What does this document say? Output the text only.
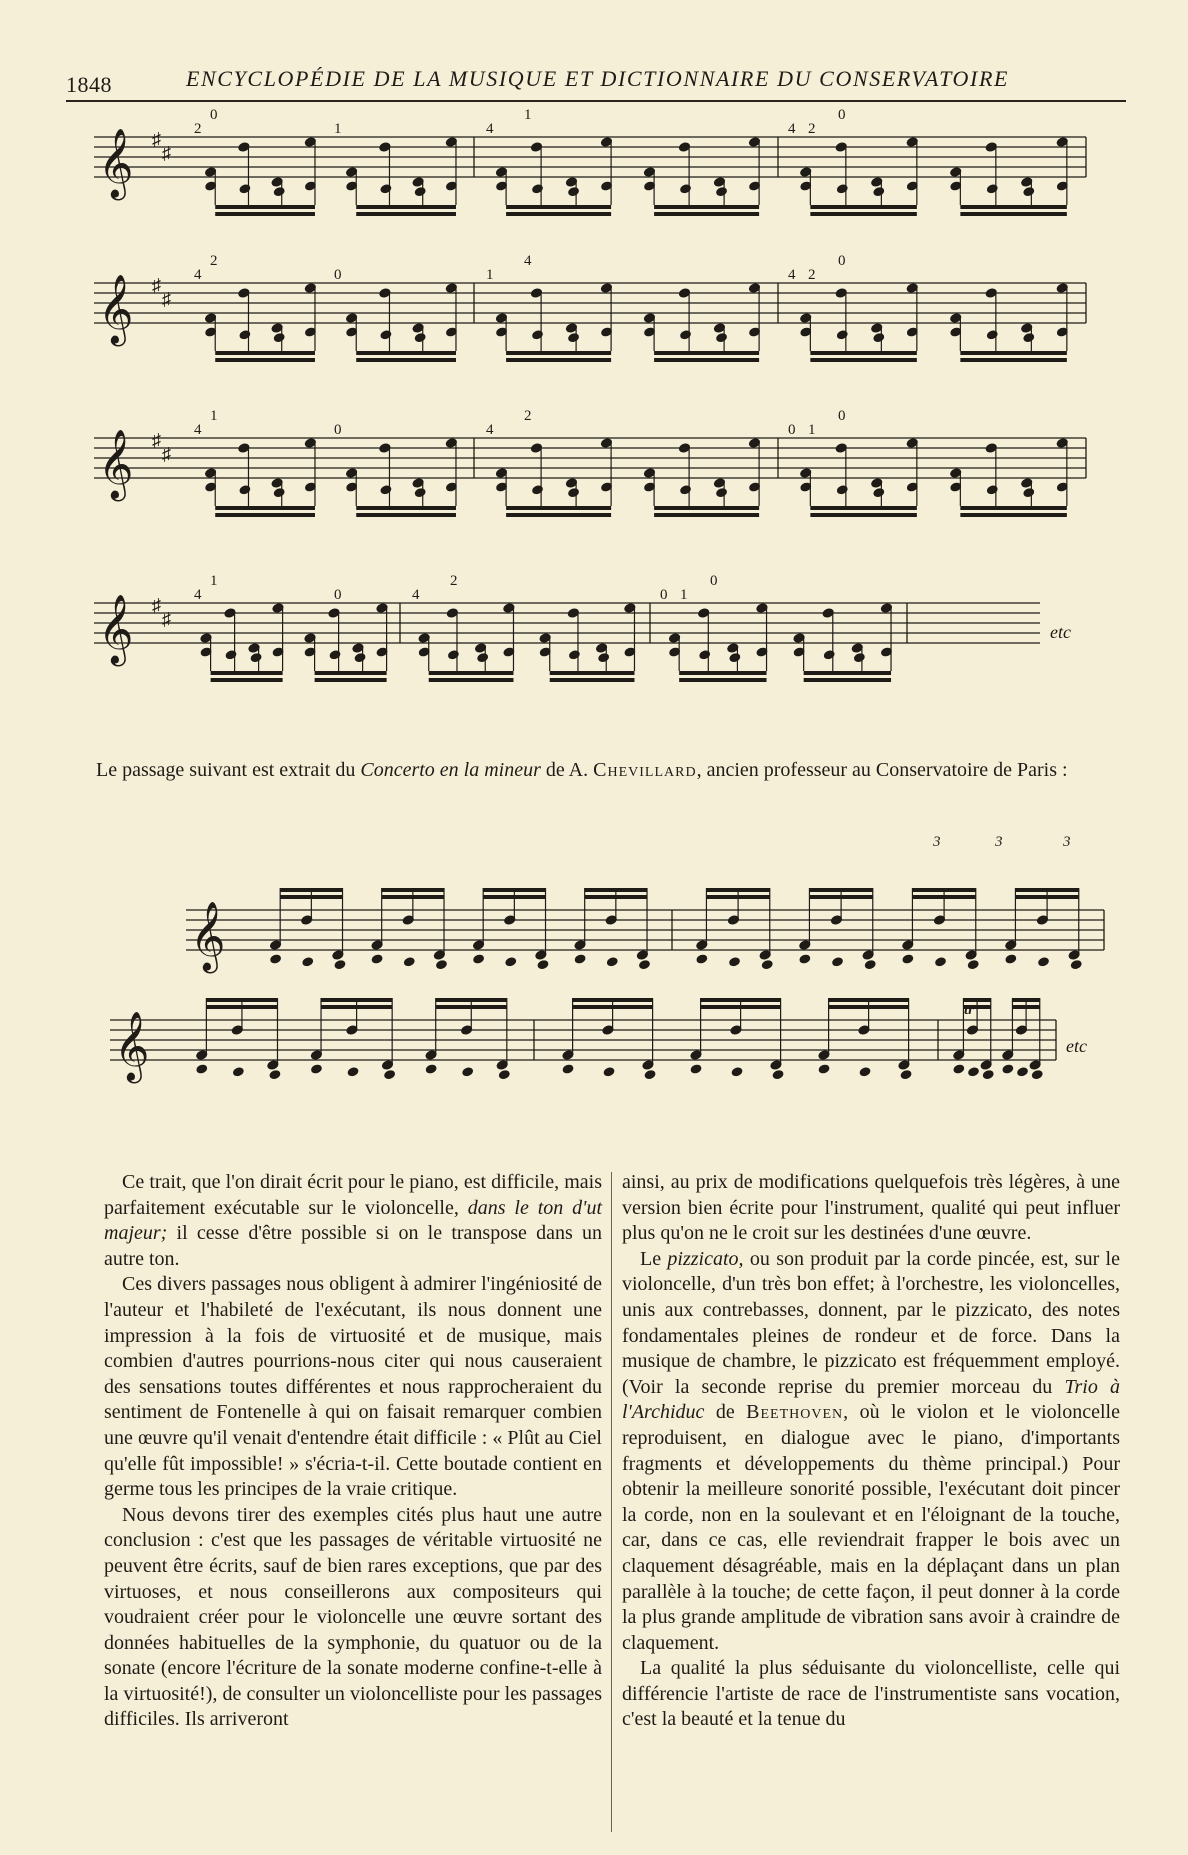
1848	ENCYCLOPÉDIE DE LA MUSIQUE ET DICTIONNAIRE DU CONSERVATOIRE
𝄞 ♯
♯
𝄞 ♯
♯
𝄞 ♯
♯
𝄞 ♯
♯
𝄞
𝄞
2
0
1	4
1
4 2
0
4
2
0	1
4
4 2
0
4
1
0	4
2
0 1
0
4
1
0	4
2
0 1
0
3	3	3
tr
etc
etc
Le passage suivant est extrait du Concerto en la mineur de A. Chevillard, ancien professeur au Conservatoire de Paris :

Ce trait, que l'on dirait écrit pour le piano, est difficile, mais parfaitement exécutable sur le violoncelle, dans le ton d'ut majeur; il cesse d'être possible si on le transpose dans un autre ton.

Ces divers passages nous obligent à admirer l'ingéniosité de l'auteur et l'habileté de l'exécutant, ils nous donnent une impression à la fois de virtuosité et de musique, mais combien d'autres pourrions-nous citer qui nous causeraient des sensations toutes différentes et nous rapprocheraient du sentiment de Fontenelle à qui on faisait remarquer combien une œuvre qu'il venait d'entendre était difficile : « Plût au Ciel qu'elle fût impossible! » s'écria-t-il. Cette boutade contient en germe tous les principes de la vraie critique.

Nous devons tirer des exemples cités plus haut une autre conclusion : c'est que les passages de véritable virtuosité ne peuvent être écrits, sauf de bien rares exceptions, que par des virtuoses, et nous conseillerons aux compositeurs qui voudraient créer pour le violoncelle une œuvre sortant des données habituelles de la symphonie, du quatuor ou de la sonate (encore l'écriture de la sonate moderne confine-t-elle à la virtuosité!), de consulter un violoncelliste pour les passages difficiles. Ils arriveront

ainsi, au prix de modifications quelquefois très légères, à une version bien écrite pour l'instrument, qualité qui peut influer plus qu'on ne le croit sur les destinées d'une œuvre.

Le pizzicato, ou son produit par la corde pincée, est, sur le violoncelle, d'un très bon effet; à l'orchestre, les violoncelles, unis aux contrebasses, donnent, par le pizzicato, des notes fondamentales pleines de rondeur et de force. Dans la musique de chambre, le pizzicato est fréquemment employé. (Voir la seconde reprise du premier morceau du Trio à l'Archiduc de Beethoven, où le violon et le violoncelle reproduisent, en dialogue avec le piano, d'importants fragments et développements du thème principal.) Pour obtenir la meilleure sonorité possible, l'exécutant doit pincer la corde, non en la soulevant et en l'éloignant de la touche, car, dans ce cas, elle reviendrait frapper le bois avec un claquement désagréable, mais en la déplaçant dans un plan parallèle à la touche; de cette façon, il peut donner à la corde la plus grande amplitude de vibration sans avoir à craindre de claquement.

La qualité la plus séduisante du violoncelliste, celle qui différencie l'artiste de race de l'instrumentiste sans vocation, c'est la beauté et la tenue du
